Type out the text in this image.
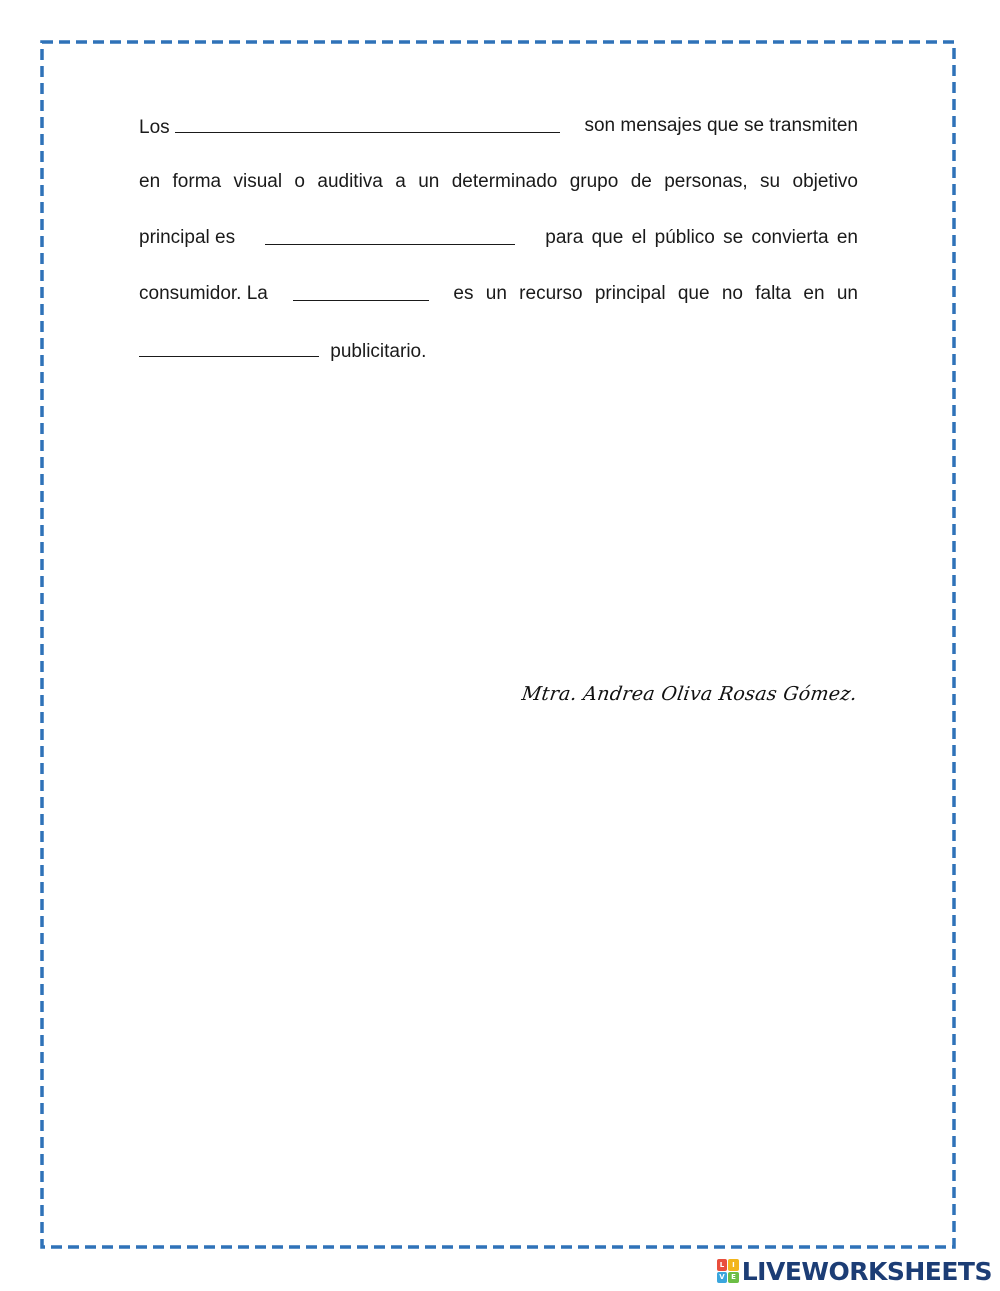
Los	son mensajes que se transmiten
en forma visual o auditiva a un determinado grupo de personas, su objetivo
principal es	para que el público se convierta en
consumidor. La	es un recurso principal que no falta en un
publicitario.
Mtra. Andrea Oliva Rosas Gómez.
L	I
V E LIVEWORKSHEETS
